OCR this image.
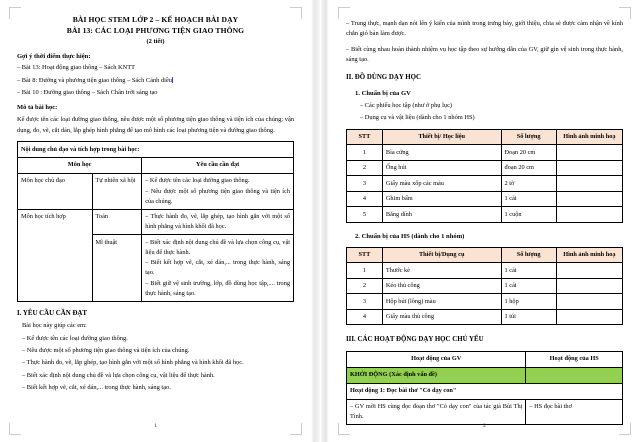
BÀI HỌC STEM LỚP 2 – KẾ HOẠCH BÀI DẠY
BÀI 13: CÁC LOẠI PHƯƠNG TIỆN GIAO THÔNG
(2 tiết)
Gợi ý thời điểm thực hiện:
– Bài 13: Hoạt động giao thông – Sách KNTT
– Bài 8: Đường và phương tiện giao thông – Sách Cánh diều
– Bài 10 : Đường giao thông – Sách Chân trời sáng tạo
Mô tả bài học:
Kể được tên các loại đường giao thông, nêu được một số phương tiện giao thông và tiện ích của chúng; vận dụng, đo, vẽ, cắt dán, lắp ghép hình phẳng để tạo mô hình các loại phương tiện và đường giao thông.
Nội dung chủ đạo và tích hợp trong bài học:		
Môn học		Yêu cầu cần đạt
Môn học chủ đạo	Tự nhiên xã hội	– Kể được tên các loại đường giao thông.
– Nêu được một số phương tiện giao thông và tiện ích của chúng.

Môn học tích hợp	Toán	– Thực hành đo, vẽ, lắp ghép, tạo hình gắn với một số hình phẳng và hình khối đã học.

	Mĩ thuật	– Biết xác định nội dung chủ đề và lựa chọn công cụ, vật liệu để thực hành.
– Biết kết hợp vẽ, cắt, xé dán,... trong thực hành, sáng tạo.
– Biết giữ vệ sinh trường, lớp, đồ dùng học tập,.... trong thực hành, sáng tạo.
I. YÊU CẦU CẦN ĐẠT
Bài học này giúp các em:
– Kể được tên các loại đường giao thông.
– Nêu được một số phương tiện giao thông và tiện ích của chúng.
– Thực hành đo, vẽ, lắp ghép, tạo hình gắn với một số hình phẳng và hình khối đã học.
– Biết xác định nội dung chủ đề và lựa chọn công cụ, vật liệu để thực hành.
– Biết kết hợp vẽ, cắt, xé dán,... trong thực hành, sáng tạo.
1
– Trung thực, mạnh dạn nói lên ý kiến của mình trong trưng bày, giới thiệu, chia sẻ được cảm nhận về kính chắn gió bản làm được.
– Biết cùng nhau hoàn thành nhiệm vụ học tập theo sự hướng dẫn của GV, giữ gìn vệ sinh trong thực hành, sáng tạo.
II. ĐỒ DÙNG DẠY HỌC
1. Chuẩn bị của GV
– Các phiếu học tập (như ở phụ lục)
– Dụng cụ và vật liệu (dành cho 1 nhóm HS)
STT	Thiết bị/ Học liệu	Số lượng	Hình ảnh minh hoạ
1	Bìa cứng	Đoạn 20 cm	
2	Ống hút	đoạn 20 cm	
3	Giấy màu xốp các màu	2 tờ	
4	Ghim bấm	1 cái	
5	Băng dính	1 cuộn	
2. Chuẩn bị của HS (dành cho 1 nhóm)
STT	Thiết bị/Dụng cụ	Số lượng	Hình ảnh minh hoạ
1	Thước kẻ	1 cái	
2	Kéo thủ công	1 cái	
3	Hộp bút (lông) màu	1 hộp	
4	Giấy màu thủ công	1 túi	
III. CÁC HOẠT ĐỘNG DẠY HỌC CHỦ YẾU
Hoạt động của GV	Hoạt động của HS
KHỞI ĐỘNG (Xác định vấn đề)	
Hoạt động 1: Đọc bài thơ "Cỏ dạy con"	
– GV mời HS cùng đọc đoạn thơ "Cỏ dạy con" của tác giả Bùi Thị Tình.	– HS đọc bài thơ
2
